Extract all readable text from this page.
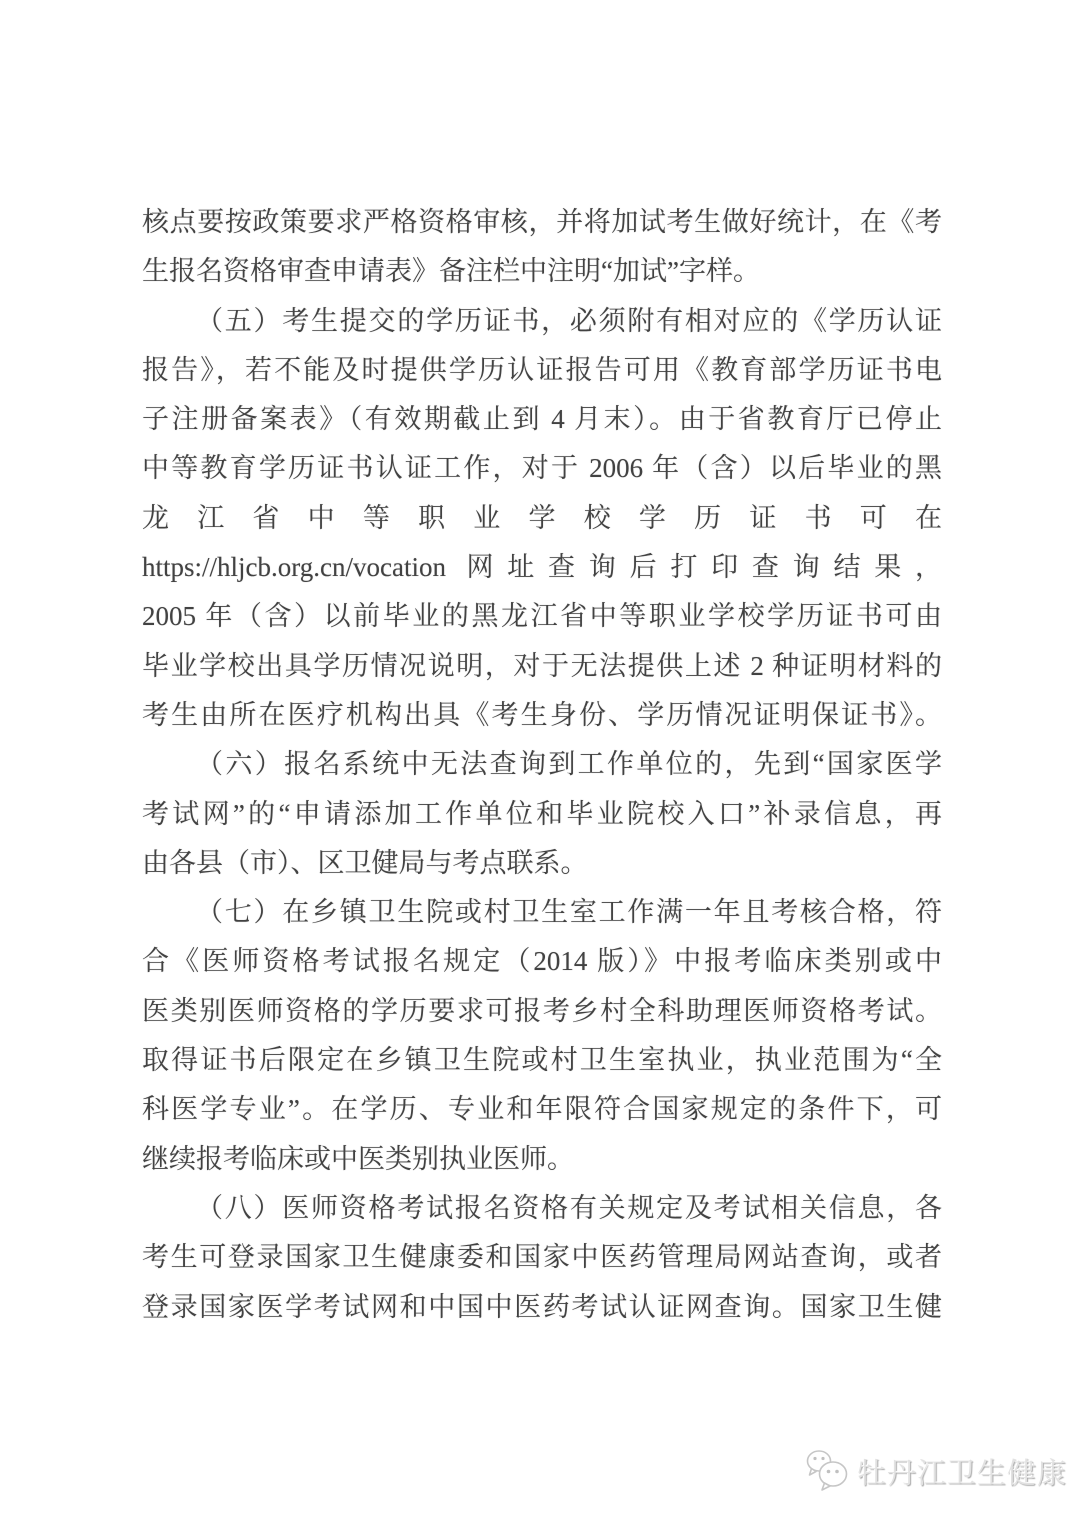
核点要按政策要求严格资格审核，并将加试考生做好统计，在《考
生报名资格审查申请表》备注栏中注明“加试”字样。
（五）考生提交的学历证书，必须附有相对应的《学历认证
报告》，若不能及时提供学历认证报告可用《教育部学历证书电
子注册备案表》（有效期截止到 4 月末）。由于省教育厅已停止
中等教育学历证书认证工作，对于 2006 年（含）以后毕业的黑
龙江省中等职业学校学历证书可在
https://hljcb.org.cn/vocation 网址查询后打印查询结果，
2005 年（含）以前毕业的黑龙江省中等职业学校学历证书可由
毕业学校出具学历情况说明，对于无法提供上述 2 种证明材料的
考生由所在医疗机构出具《考生身份、学历情况证明保证书》。
（六）报名系统中无法查询到工作单位的，先到“国家医学
考试网”的“申请添加工作单位和毕业院校入口”补录信息，再
由各县（市）、区卫健局与考点联系。
（七）在乡镇卫生院或村卫生室工作满一年且考核合格，符
合《医师资格考试报名规定（2014 版）》中报考临床类别或中
医类别医师资格的学历要求可报考乡村全科助理医师资格考试。
取得证书后限定在乡镇卫生院或村卫生室执业，执业范围为“全
科医学专业”。在学历、专业和年限符合国家规定的条件下，可
继续报考临床或中医类别执业医师。
（八）医师资格考试报名资格有关规定及考试相关信息，各
考生可登录国家卫生健康委和国家中医药管理局网站查询，或者
登录国家医学考试网和中国中医药考试认证网查询。国家卫生健
牡丹江卫生健康
